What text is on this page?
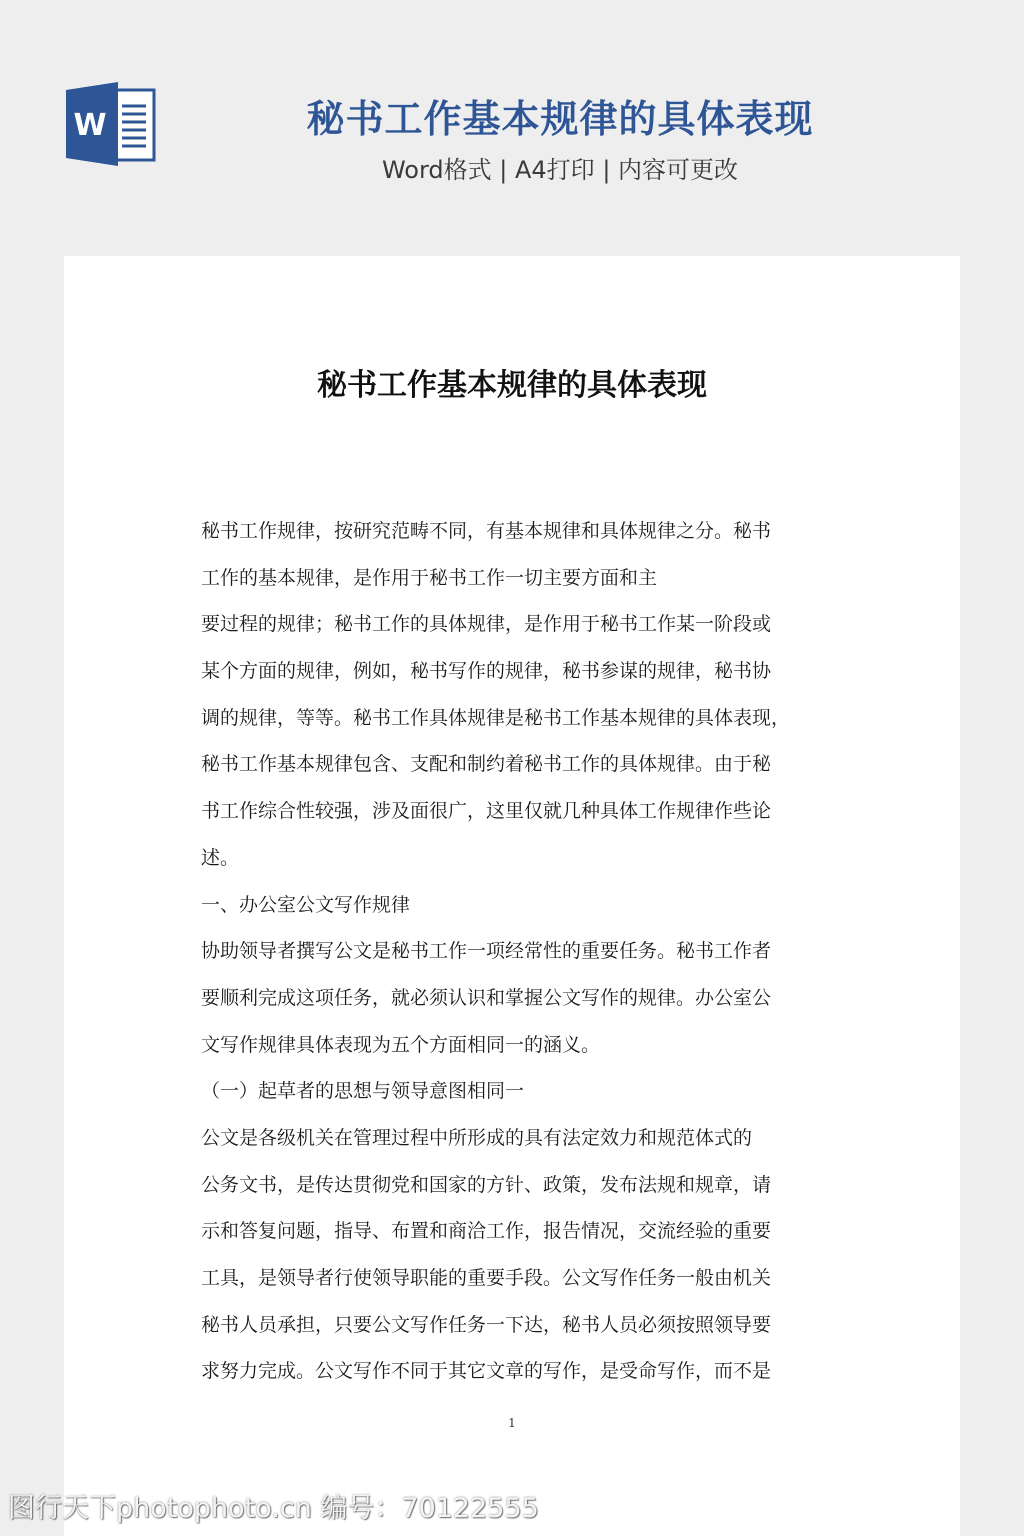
W	秘书工作基本规律的具体表现
Word格式 | A4打印 | 内容可更改
秘书工作基本规律的具体表现
秘书工作规律，按研究范畴不同，有基本规律和具体规律之分。秘书
工作的基本规律，是作用于秘书工作一切主要方面和主
要过程的规律；秘书工作的具体规律，是作用于秘书工作某一阶段或
某个方面的规律，例如，秘书写作的规律，秘书参谋的规律，秘书协
调的规律，等等。秘书工作具体规律是秘书工作基本规律的具体表现，
秘书工作基本规律包含、支配和制约着秘书工作的具体规律。由于秘
书工作综合性较强，涉及面很广，这里仅就几种具体工作规律作些论
述。
一、办公室公文写作规律
协助领导者撰写公文是秘书工作一项经常性的重要任务。秘书工作者
要顺利完成这项任务，就必须认识和掌握公文写作的规律。办公室公
文写作规律具体表现为五个方面相同一的涵义。
（一）起草者的思想与领导意图相同一
公文是各级机关在管理过程中所形成的具有法定效力和规范体式的
公务文书，是传达贯彻党和国家的方针、政策，发布法规和规章，请
示和答复问题，指导、布置和商洽工作，报告情况，交流经验的重要
工具，是领导者行使领导职能的重要手段。公文写作任务一般由机关
秘书人员承担，只要公文写作任务一下达，秘书人员必须按照领导要
求努力完成。公文写作不同于其它文章的写作，是受命写作，而不是
1
图行天下photophoto.cn 编号：70122555
